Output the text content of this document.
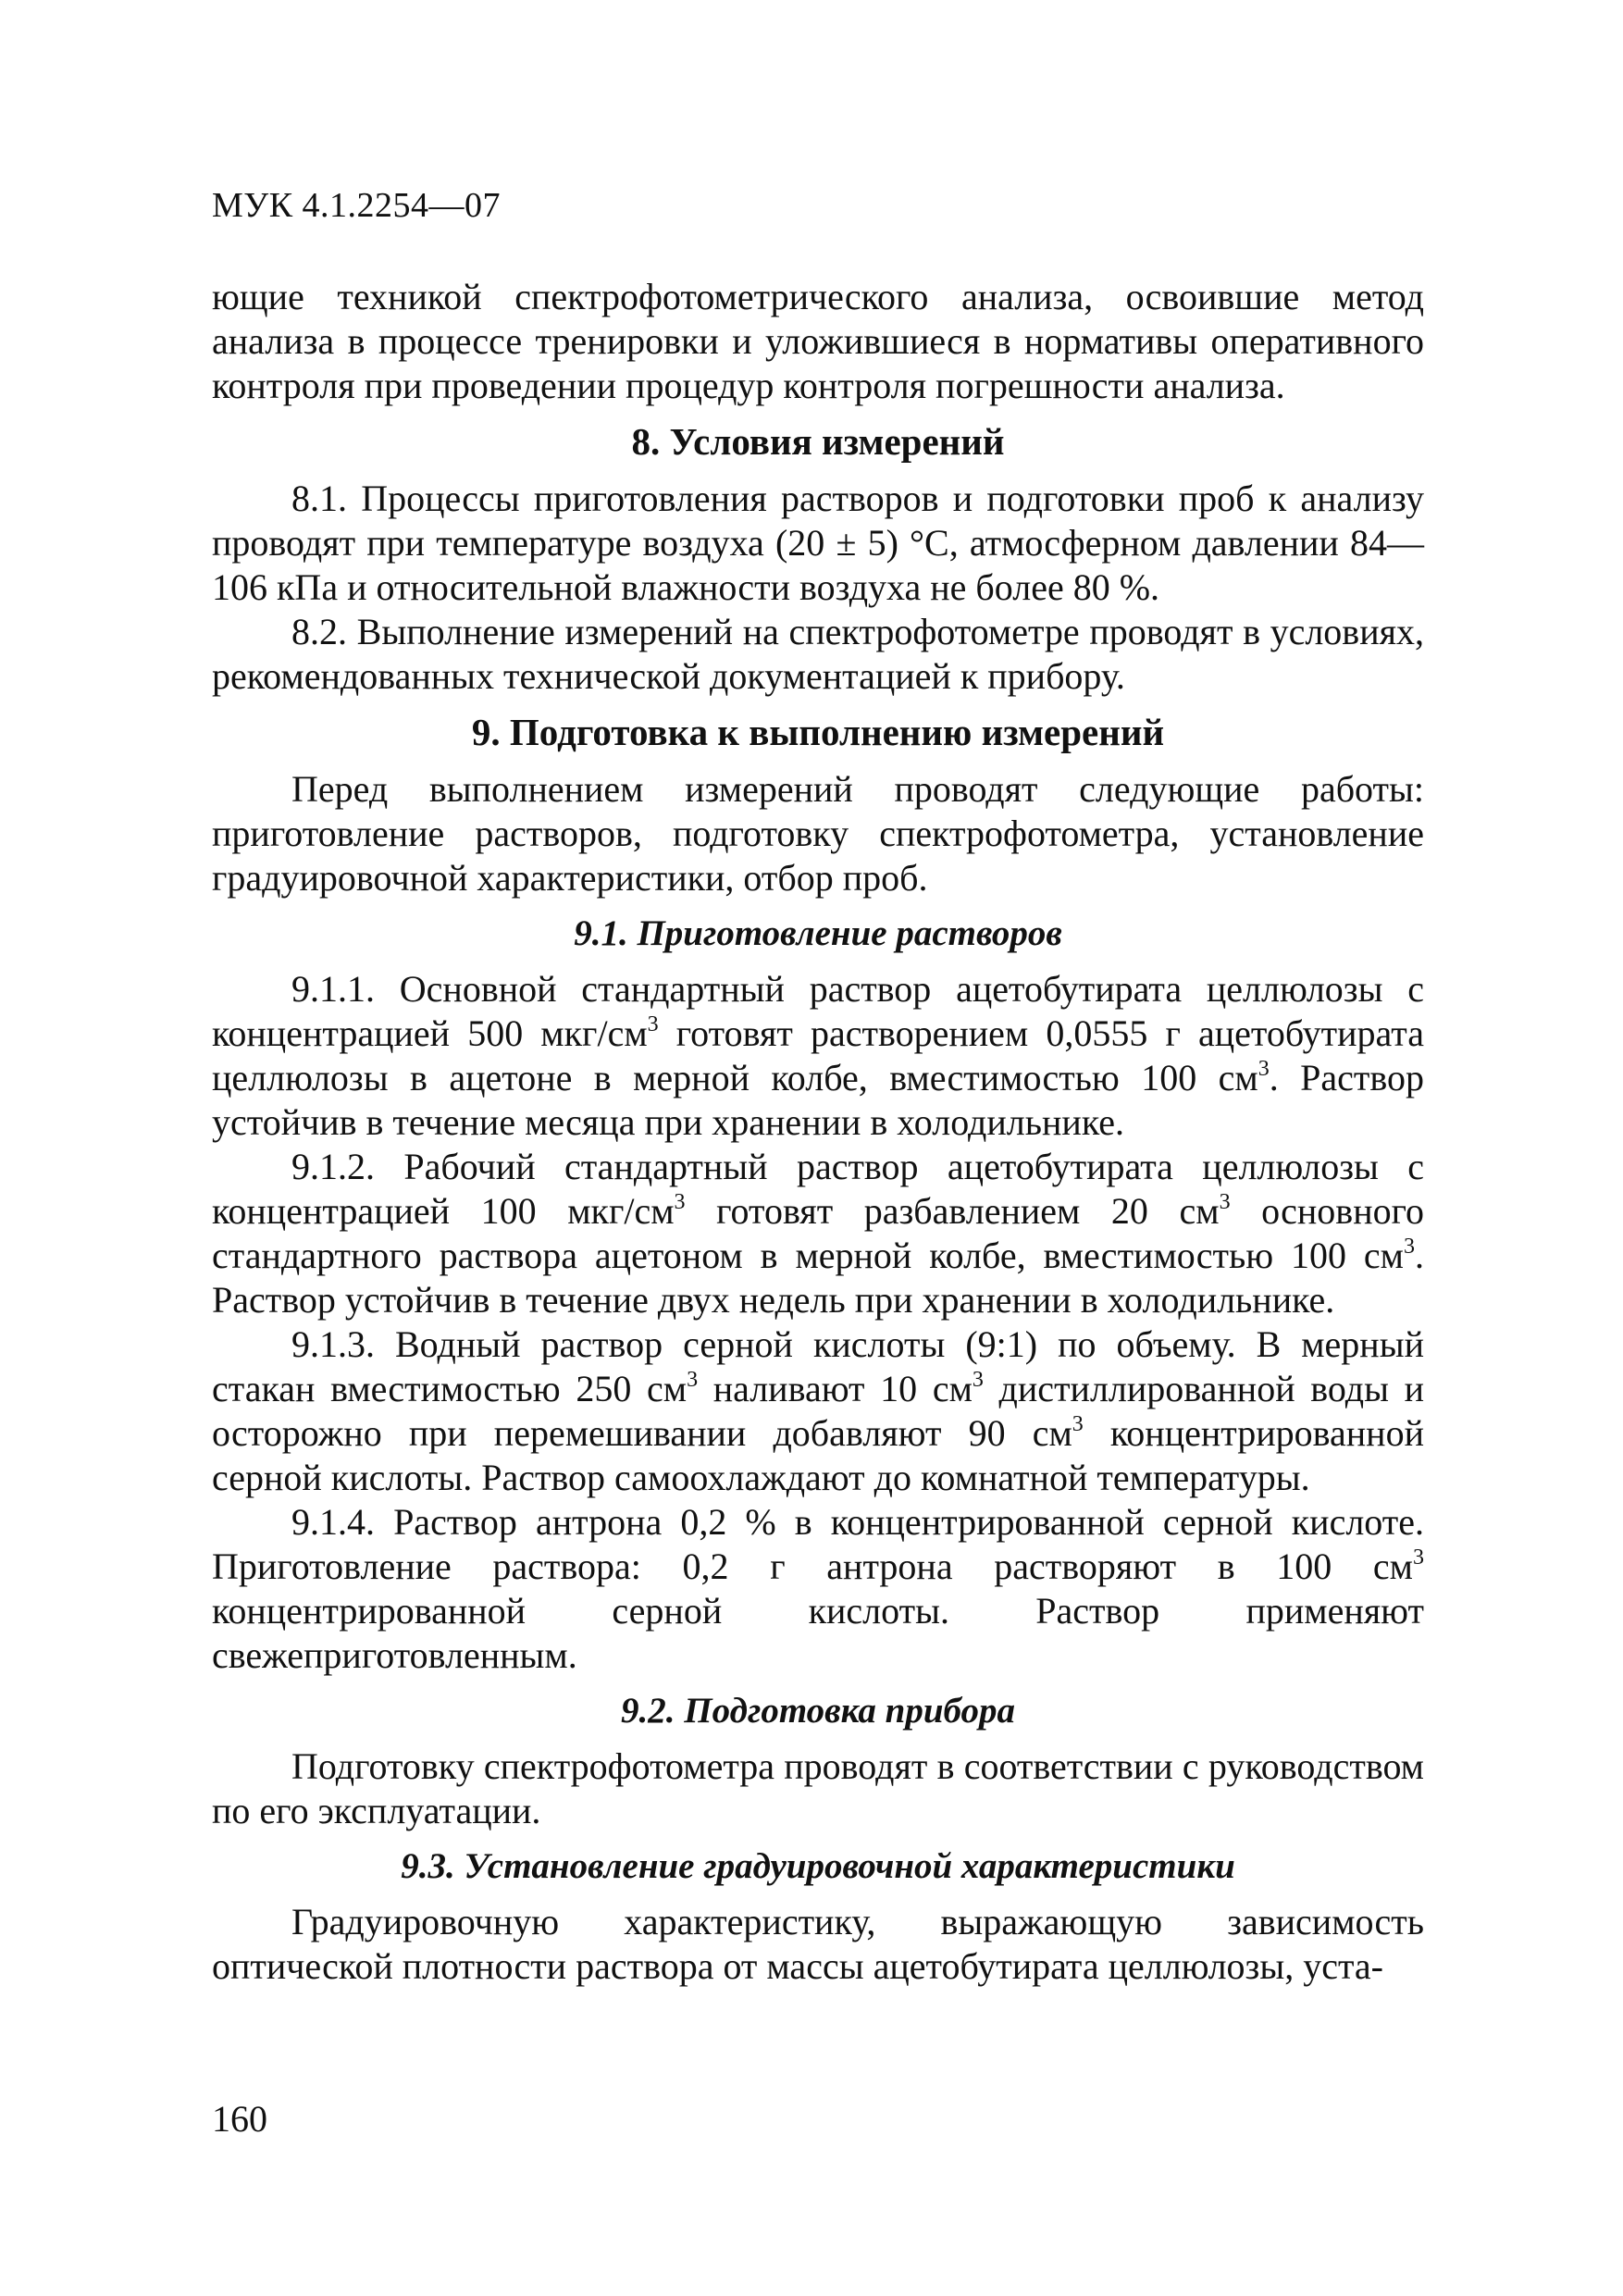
МУК 4.1.2254—07

ющие техникой спектрофотометрического анализа, освоившие метод анализа в процессе тренировки и уложившиеся в нормативы оперативного контроля при проведении процедур контроля погрешности анализа.

8. Условия измерений

8.1. Процессы приготовления растворов и подготовки проб к анализу проводят при температуре воздуха (20 ± 5) °С, атмосферном давлении 84—106 кПа и относительной влажности воздуха не более 80 %.

8.2. Выполнение измерений на спектрофотометре проводят в условиях, рекомендованных технической документацией к прибору.

9. Подготовка к выполнению измерений

Перед выполнением измерений проводят следующие работы: приготовление растворов, подготовку спектрофотометра, установление градуировочной характеристики, отбор проб.

9.1. Приготовление растворов

9.1.1. Основной стандартный раствор ацетобутирата целлюлозы с концентрацией 500 мкг/$см^3$ готовят растворением 0,0555 г ацетобутирата целлюлозы в ацетоне в мерной колбе, вместимостью 100 $см^3$. Раствор устойчив в течение месяца при хранении в холодильнике.

9.1.2. Рабочий стандартный раствор ацетобутирата целлюлозы с концентрацией 100 мкг/$см^3$ готовят разбавлением 20 $см^3$ основного стандартного раствора ацетоном в мерной колбе, вместимостью 100 $см^3$. Раствор устойчив в течение двух недель при хранении в холодильнике.

9.1.3. Водный раствор серной кислоты (9:1) по объему. В мерный стакан вместимостью 250 $см^3$ наливают 10 $см^3$ дистиллированной воды и осторожно при перемешивании добавляют 90 $см^3$ концентрированной серной кислоты. Раствор самоохлаждают до комнатной температуры.

9.1.4. Раствор антрона 0,2 % в концентрированной серной кислоте. Приготовление раствора: 0,2 г антрона растворяют в 100 $см^3$ концентрированной серной кислоты. Раствор применяют свежеприготовленным.

9.2. Подготовка прибора

Подготовку спектрофотометра проводят в соответствии с руководством по его эксплуатации.

9.3. Установление градуировочной характеристики

Градуировочную характеристику, выражающую зависимость оптической плотности раствора от массы ацетобутирата целлюлозы, уста-

160
